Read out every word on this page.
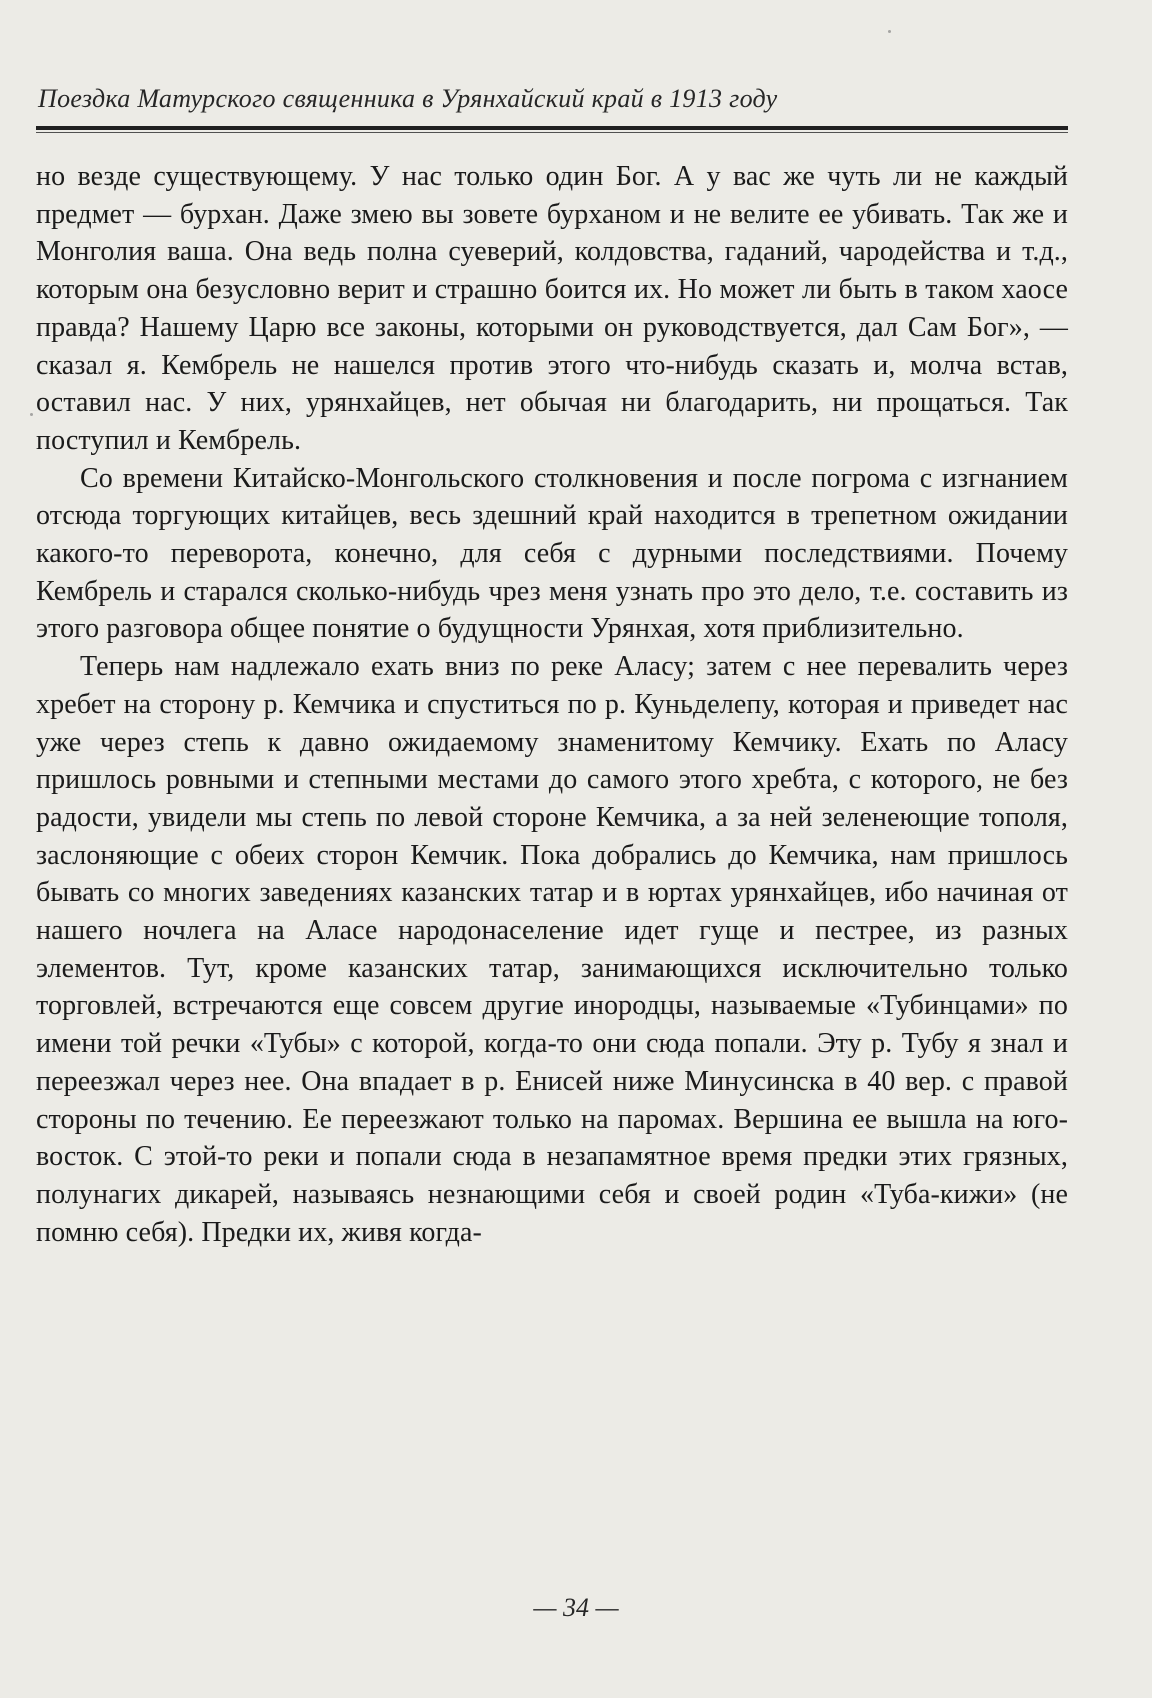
Поездка Матурского священника в Урянхайский край в 1913 году

но везде существующему. У нас только один Бог. А у вас же чуть ли не каждый предмет — бурхан. Даже змею вы зовете бурханом и не велите ее убивать. Так же и Монголия ваша. Она ведь полна суеверий, колдовства, гаданий, чародейства и т.д., которым она безусловно верит и страшно боится их. Но может ли быть в таком хаосе правда? Нашему Царю все законы, которыми он руководствуется, дал Сам Бог», — сказал я. Кембрель не нашелся против этого что-нибудь сказать и, молча встав, оставил нас. У них, урянхайцев, нет обычая ни благодарить, ни прощаться. Так поступил и Кембрель.

Со времени Китайско-Монгольского столкновения и после погрома с изгнанием отсюда торгующих китайцев, весь здешний край находится в трепетном ожидании какого-то переворота, конечно, для себя с дурными последствиями. Почему Кембрель и старался сколько-нибудь чрез меня узнать про это дело, т.е. составить из этого разговора общее понятие о будущности Урянхая, хотя приблизительно.

Теперь нам надлежало ехать вниз по реке Аласу; затем с нее перевалить через хребет на сторону р. Кемчика и спуститься по р. Куньделепу, которая и приведет нас уже через степь к давно ожидаемому знаменитому Кемчику. Ехать по Аласу пришлось ровными и степными местами до самого этого хребта, с которого, не без радости, увидели мы степь по левой стороне Кемчика, а за ней зеленеющие тополя, заслоняющие с обеих сторон Кемчик. Пока добрались до Кемчика, нам пришлось бывать со многих заведениях казанских татар и в юртах урянхайцев, ибо начиная от нашего ночлега на Аласе народонаселение идет гуще и пестрее, из разных элементов. Тут, кроме казанских татар, занимающихся исключительно только торговлей, встречаются еще совсем другие инородцы, называемые «Тубинцами» по имени той речки «Тубы» с которой, когда-то они сюда попали. Эту р. Тубу я знал и переезжал через нее. Она впадает в р. Енисей ниже Минусинска в 40 вер. с правой стороны по течению. Ее переезжают только на паромах. Вершина ее вышла на юго-восток. С этой-то реки и попали сюда в незапамятное время предки этих грязных, полунагих дикарей, называясь незнающими себя и своей родин «Туба-кижи» (не помню себя). Предки их, живя когда-

— 34 —
